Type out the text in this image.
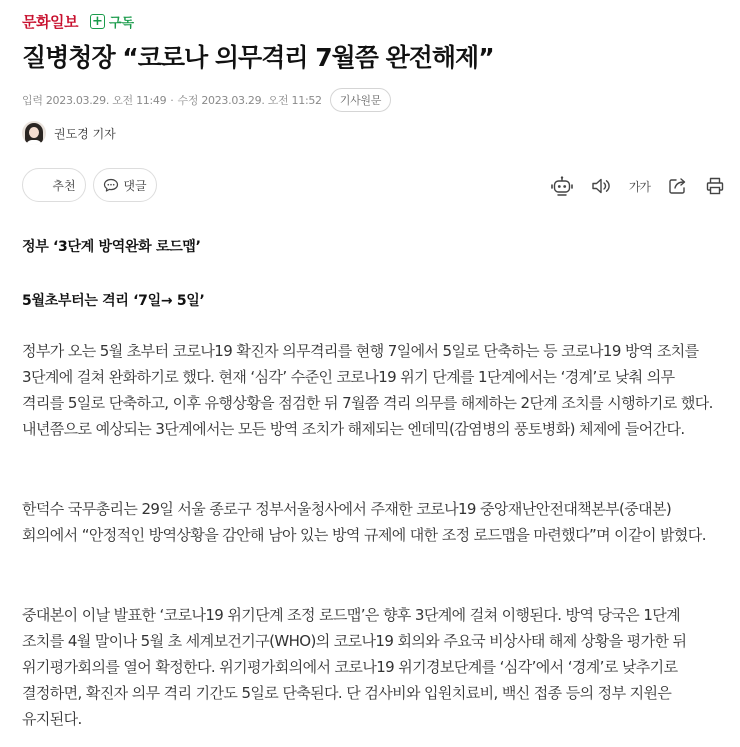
문화일보 + 구독
질병청장 “코로나 의무격리 7월쯤 완전해제”
입력 2023.03.29. 오전 11:49 · 수정 2023.03.29. 오전 11:52	기사원문
권도경 기자
추천	댓글	가가
정부 ‘3단계 방역완화 로드맵’
5월초부터는 격리 ‘7일→ 5일’

정부가 오는 5월 초부터 코로나19 확진자 의무격리를 현행 7일에서 5일로 단축하는 등 코로나19 방역 조치를 3단계에 걸쳐 완화하기로 했다. 현재 ‘심각’ 수준인 코로나19 위기 단계를 1단계에서는 ‘경계’로 낮춰 의무 격리를 5일로 단축하고, 이후 유행상황을 점검한 뒤 7월쯤 격리 의무를 해제하는 2단계 조치를 시행하기로 했다. 내년쯤으로 예상되는 3단계에서는 모든 방역 조치가 해제되는 엔데믹(감염병의 풍토병화) 체제에 들어간다.

한덕수 국무총리는 29일 서울 종로구 정부서울청사에서 주재한 코로나19 중앙재난안전대책본부(중대본) 회의에서 “안정적인 방역상황을 감안해 남아 있는 방역 규제에 대한 조정 로드맵을 마련했다”며 이같이 밝혔다.

중대본이 이날 발표한 ‘코로나19 위기단계 조정 로드맵’은 향후 3단계에 걸쳐 이행된다. 방역 당국은 1단계 조치를 4월 말이나 5월 초 세계보건기구(WHO)의 코로나19 회의와 주요국 비상사태 해제 상황을 평가한 뒤 위기평가회의를 열어 확정한다. 위기평가회의에서 코로나19 위기경보단계를 ‘심각’에서 ‘경계’로 낮추기로 결정하면, 확진자 의무 격리 기간도 5일로 단축된다. 단 검사비와 입원치료비, 백신 접종 등의 정부 지원은 유지된다.
